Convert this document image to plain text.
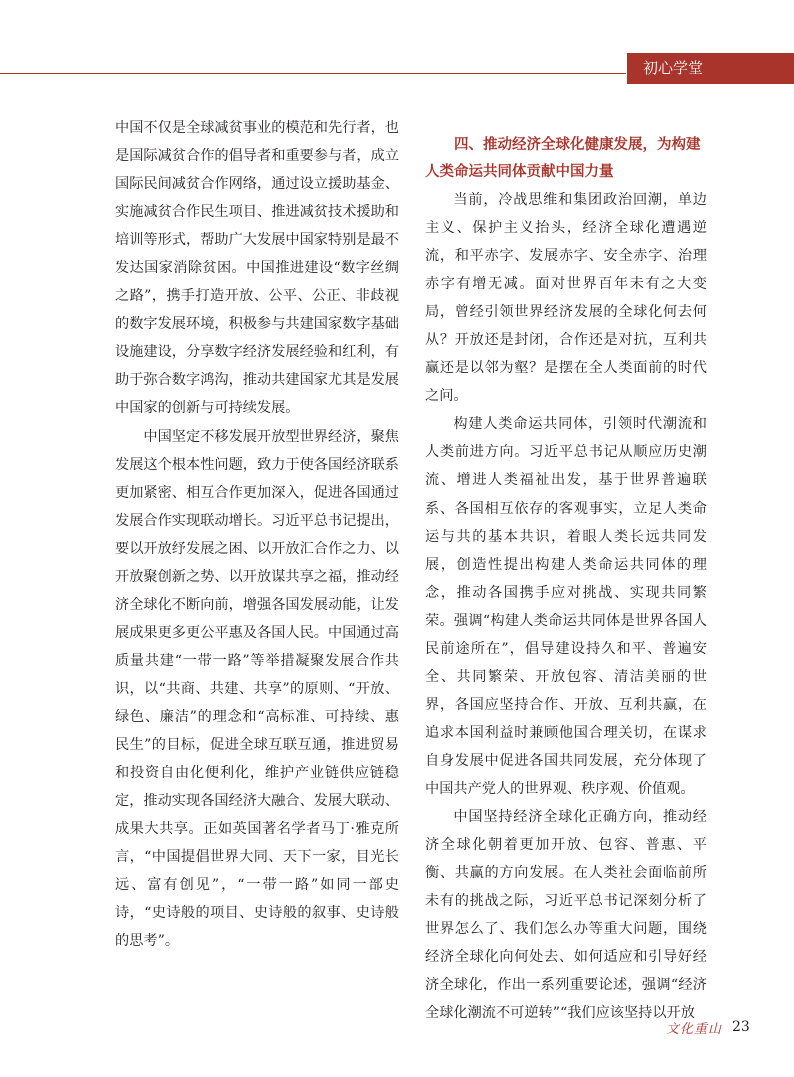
初心学堂

中国不仅是全球减贫事业的模范和先行者，也是国际减贫合作的倡导者和重要参与者，成立国际民间减贫合作网络，通过设立援助基金、实施减贫合作民生项目、推进减贫技术援助和培训等形式，帮助广大发展中国家特别是最不发达国家消除贫困。中国推进建设“数字丝绸之路”，携手打造开放、公平、公正、非歧视的数字发展环境，积极参与共建国家数字基础设施建设，分享数字经济发展经验和红利，有助于弥合数字鸿沟，推动共建国家尤其是发展中国家的创新与可持续发展。

中国坚定不移发展开放型世界经济，聚焦发展这个根本性问题，致力于使各国经济联系更加紧密、相互合作更加深入，促进各国通过发展合作实现联动增长。习近平总书记提出，要以开放纾发展之困、以开放汇合作之力、以开放聚创新之势、以开放谋共享之福，推动经济全球化不断向前，增强各国发展动能，让发展成果更多更公平惠及各国人民。中国通过高质量共建“一带一路”等举措凝聚发展合作共识，以“共商、共建、共享”的原则、“开放、绿色、廉洁”的理念和“高标准、可持续、惠民生”的目标，促进全球互联互通，推进贸易和投资自由化便利化，维护产业链供应链稳定，推动实现各国经济大融合、发展大联动、成果大共享。正如英国著名学者马丁·雅克所言，“中国提倡世界大同、天下一家，目光长远、富有创见”，“一带一路”如同一部史诗，“史诗般的项目、史诗般的叙事、史诗般的思考”。

四、推动经济全球化健康发展，为构建人类命运共同体贡献中国力量

当前，冷战思维和集团政治回潮，单边主义、保护主义抬头，经济全球化遭遇逆流，和平赤字、发展赤字、安全赤字、治理赤字有增无减。面对世界百年未有之大变局，曾经引领世界经济发展的全球化何去何从？开放还是封闭，合作还是对抗，互利共赢还是以邻为壑？是摆在全人类面前的时代之问。

构建人类命运共同体，引领时代潮流和人类前进方向。习近平总书记从顺应历史潮流、增进人类福祉出发，基于世界普遍联系、各国相互依存的客观事实，立足人类命运与共的基本共识，着眼人类长远共同发展，创造性提出构建人类命运共同体的理念，推动各国携手应对挑战、实现共同繁荣。强调“构建人类命运共同体是世界各国人民前途所在”，倡导建设持久和平、普遍安全、共同繁荣、开放包容、清洁美丽的世界，各国应坚持合作、开放、互利共赢，在追求本国利益时兼顾他国合理关切，在谋求自身发展中促进各国共同发展，充分体现了中国共产党人的世界观、秩序观、价值观。

中国坚持经济全球化正确方向，推动经济全球化朝着更加开放、包容、普惠、平衡、共赢的方向发展。在人类社会面临前所未有的挑战之际，习近平总书记深刻分析了世界怎么了、我们怎么办等重大问题，围绕经济全球化向何处去、如何适应和引导好经济全球化，作出一系列重要论述，强调“经济全球化潮流不可逆转”“我们应该坚持以开放

文化重山 23
